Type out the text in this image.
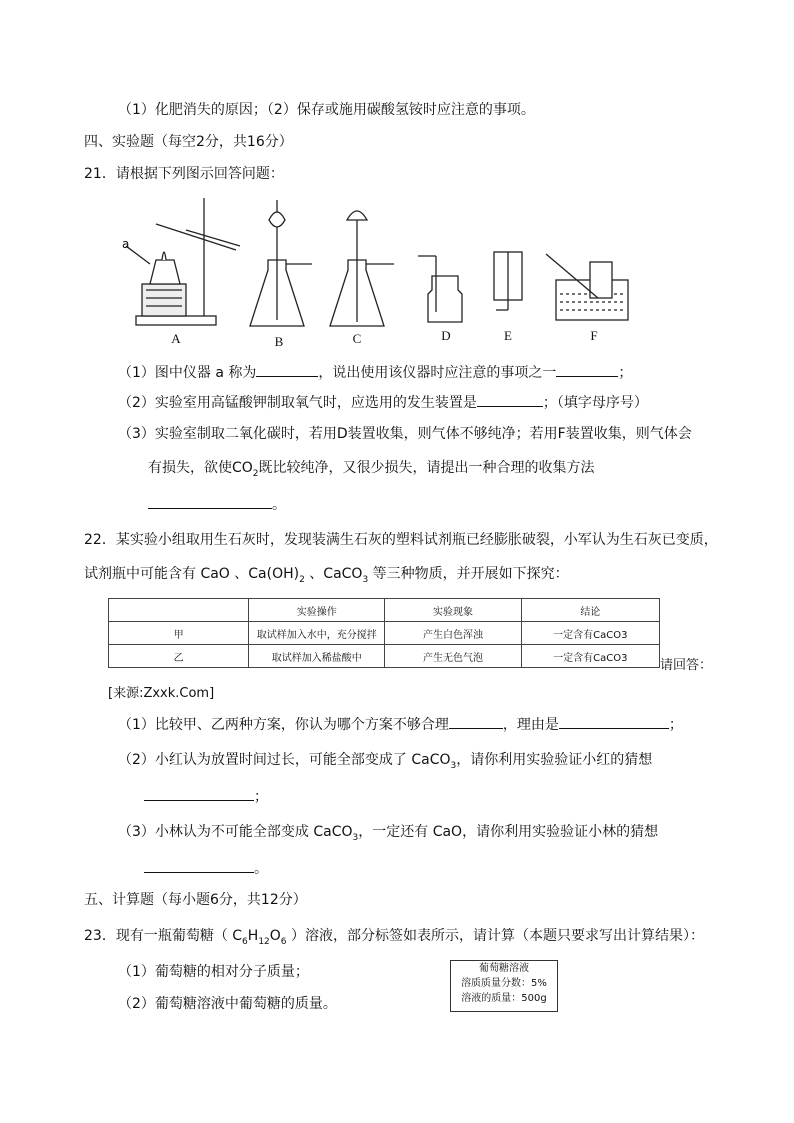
（1）化肥消失的原因；（2）保存或施用碳酸氢铵时应注意的事项。
四、实验题（每空2分，共16分）
21．请根据下列图示回答问题：
a
A	B	C	D	E	F
（1）图中仪器 a 称为	，说出使用该仪器时应注意的事项之一	；
（2）实验室用高锰酸钾制取氧气时，应选用的发生装置是	；（填字母序号）
（3）实验室制取二氧化碳时，若用D装置收集，则气体不够纯净；若用F装置收集，则气体会
有损失，欲使$CO_2$既比较纯净，又很少损失，请提出一种合理的收集方法
。
22．某实验小组取用生石灰时，发现装满生石灰的塑料试剂瓶已经膨胀破裂，小军认为生石灰已变质，
试剂瓶中可能含有 CaO 、$Ca(OH)_2$ 、CaCO$_3$ 等三种物质，并开展如下探究：
	实验操作	实验现象	结论
甲	取试样加入水中，充分搅拌	产生白色浑浊	一定含有CaCO3
乙	取试样加入稀盐酸中	产生无色气泡	一定含有CaCO3	请回答：
[来源:Zxxk.Com]
（1）比较甲、乙两种方案，你认为哪个方案不够合理	，理由是	；
（2）小红认为放置时间过长，可能全部变成了 CaCO$_3$，请你利用实验验证小红的猜想
；
（3）小林认为不可能全部变成 CaCO$_3$，一定还有 CaO，请你利用实验验证小林的猜想
。
五、计算题（每小题6分，共12分）
23．现有一瓶葡萄糖（ $C_6H_{12}O_6$ ）溶液，部分标签如表所示，请计算（本题只要求写出计算结果）：
（1）葡萄糖的相对分子质量；
（2）葡萄糖溶液中葡萄糖的质量。
葡萄糖溶液
溶质质量分数：5%
溶液的质量：500g
